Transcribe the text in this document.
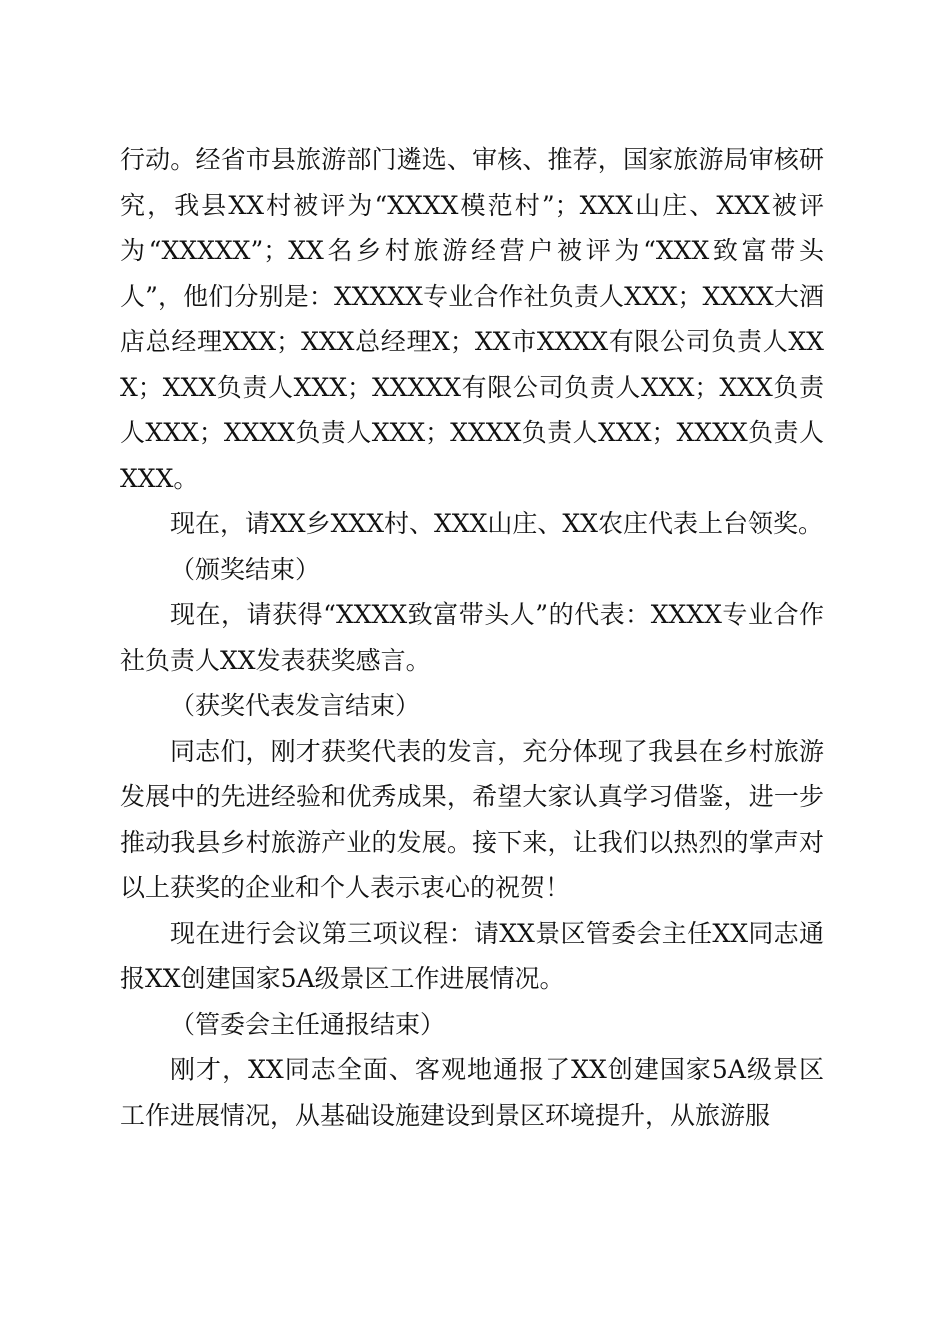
行动。经省市县旅游部门遴选、审核、推荐，国家旅游局审核研究，我县XX村被评为“XXXX模范村”；XXX山庄、XXX被评为“XXXXX”；XX名乡村旅游经营户被评为“XXX致富带头人”，他们分别是：XXXXX专业合作社负责人XXX；XXXX大酒店总经理XXX；XXX总经理X；XX市XXXX有限公司负责人XXX；XXX负责人XXX；XXXXX有限公司负责人XXX；XXX负责人XXX；XXXX负责人XXX；XXXX负责人XXX；XXXX负责人XXX。

现在，请XX乡XXX村、XXX山庄、XX农庄代表上台领奖。

（颁奖结束）

现在，请获得“XXXX致富带头人”的代表：XXXX专业合作社负责人XX发表获奖感言。

（获奖代表发言结束）

同志们，刚才获奖代表的发言，充分体现了我县在乡村旅游发展中的先进经验和优秀成果，希望大家认真学习借鉴，进一步推动我县乡村旅游产业的发展。接下来，让我们以热烈的掌声对以上获奖的企业和个人表示衷心的祝贺！

现在进行会议第三项议程：请XX景区管委会主任XX同志通报XX创建国家5A级景区工作进展情况。

（管委会主任通报结束）

刚才，XX同志全面、客观地通报了XX创建国家5A级景区工作进展情况，从基础设施建设到景区环境提升，从旅游服
